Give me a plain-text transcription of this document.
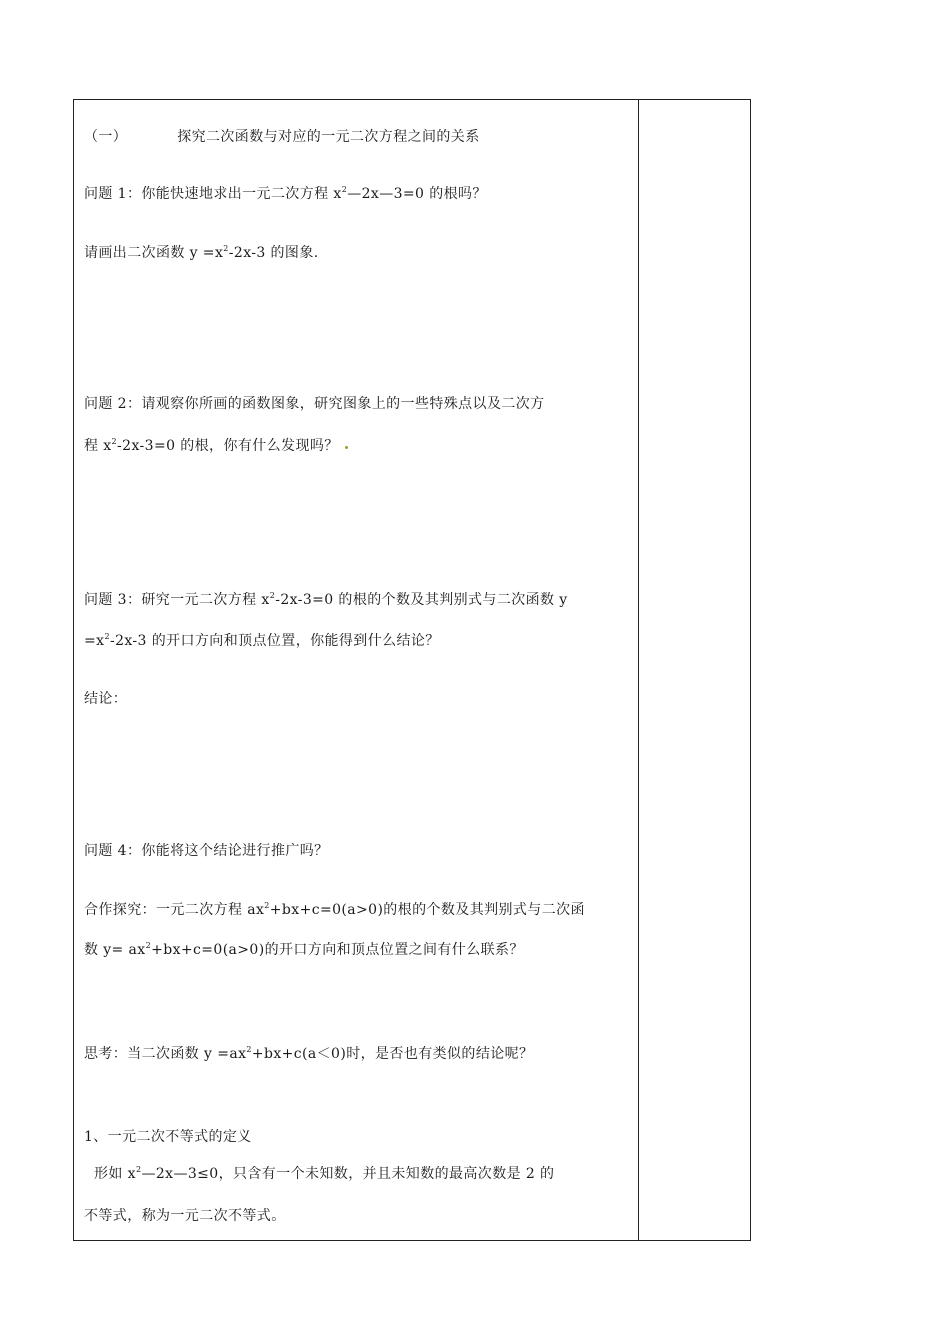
（一）	探究二次函数与对应的一元二次方程之间的关系
问题 1：你能快速地求出一元二次方程 $x^2—2x—3=0$ 的根吗？
请画出二次函数 $y =x^2-2x-3$ 的图象.
问题 2：请观察你所画的函数图象，研究图象上的一些特殊点以及二次方
程 $x^2-2x-3=0$ 的根，你有什么发现吗？
问题 3：研究一元二次方程 $x^2-2x-3=0$ 的根的个数及其判别式与二次函数 y
$=x^2-2x-3$ 的开口方向和顶点位置，你能得到什么结论？
结论：
问题 4：你能将这个结论进行推广吗？
合作探究：一元二次方程 $ax^2+bx+c=0(a>0)$的根的个数及其判别式与二次函
数 $y= ax^2+bx+c=0(a>0)$的开口方向和顶点位置之间有什么联系？
思考：当二次函数 $y =ax^2+bx+c(a<0)$时，是否也有类似的结论呢？
1、一元二次不等式的定义
形如 $x^2—2x—3\le 0$，只含有一个未知数，并且未知数的最高次数是 2 的
不等式，称为一元二次不等式。
